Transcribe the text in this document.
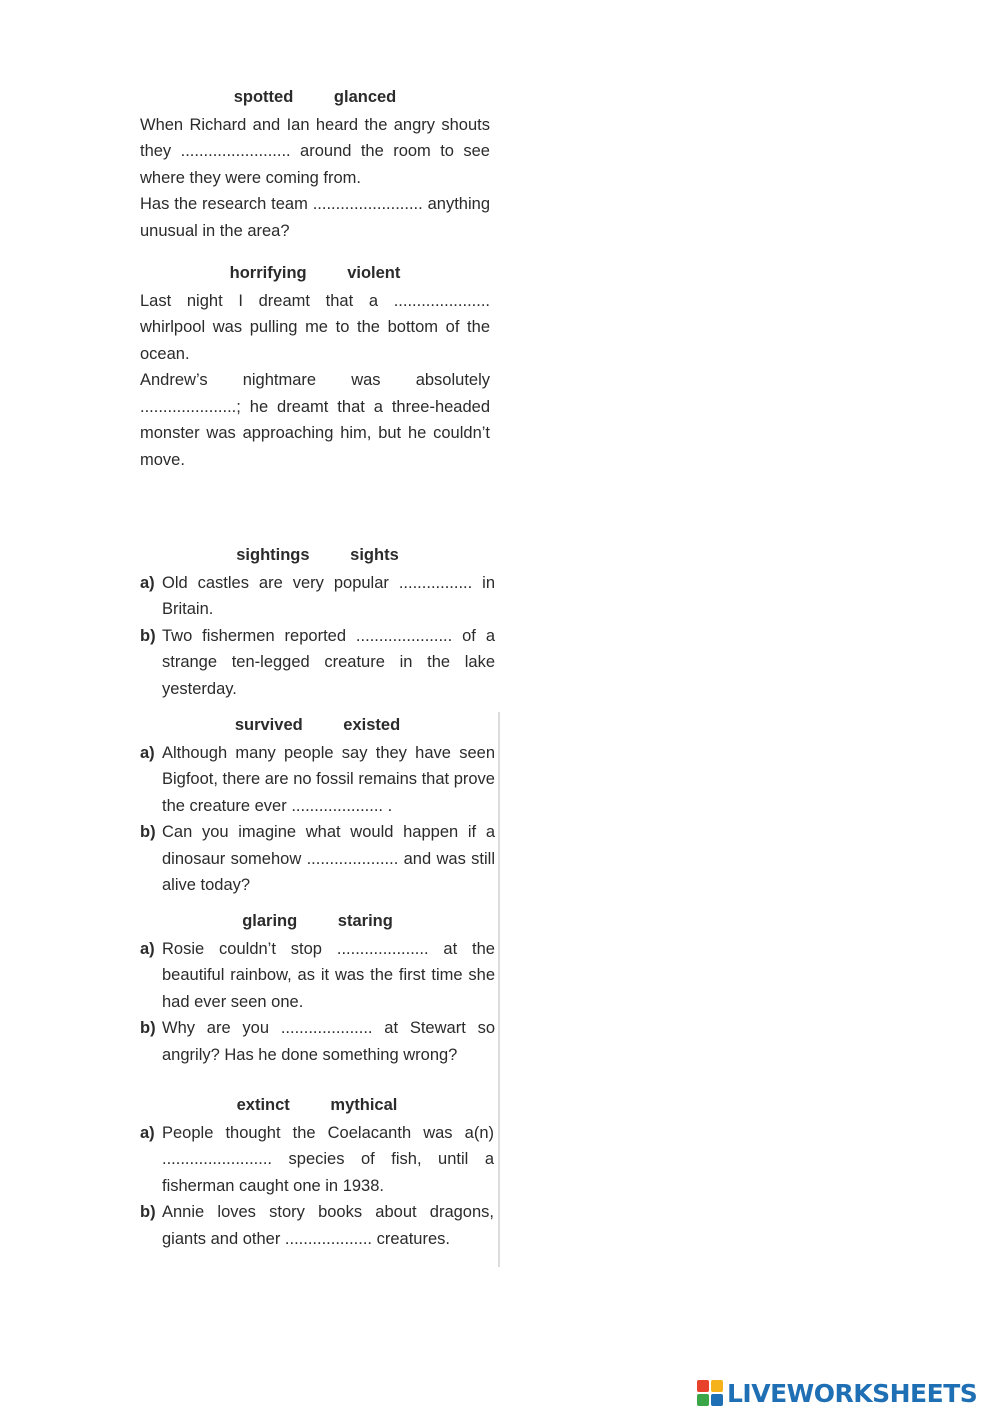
spotted glanced

When Richard and Ian heard the angry shouts they ........................ around the room to see where they were coming from.

Has the research team ........................ anything unusual in the area?

horrifying violent

Last night I dreamt that a ..................... whirlpool was pulling me to the bottom of the ocean.

Andrew’s nightmare was absolutely .....................; he dreamt that a three-headed monster was approaching him, but he couldn’t move.

sightings sights
a) Old castles are very popular ................ in Britain.
b) Two fishermen reported ..................... of a strange ten-legged creature in the lake yesterday.
survived existed
a) Although many people say they have seen Bigfoot, there are no fossil remains that prove the creature ever .................... .
b) Can you imagine what would happen if a dinosaur somehow .................... and was still alive today?
glaring staring
a) Rosie couldn’t stop .................... at the beautiful rainbow, as it was the first time she had ever seen one.
b) Why are you .................... at Stewart so angrily? Has he done something wrong?
extinct mythical
a) People thought the Coelacanth was a(n) ........................ species of fish, until a fisherman caught one in 1938.
b) Annie loves story books about dragons, giants and other ................... creatures.
LIVEWORKSHEETS
